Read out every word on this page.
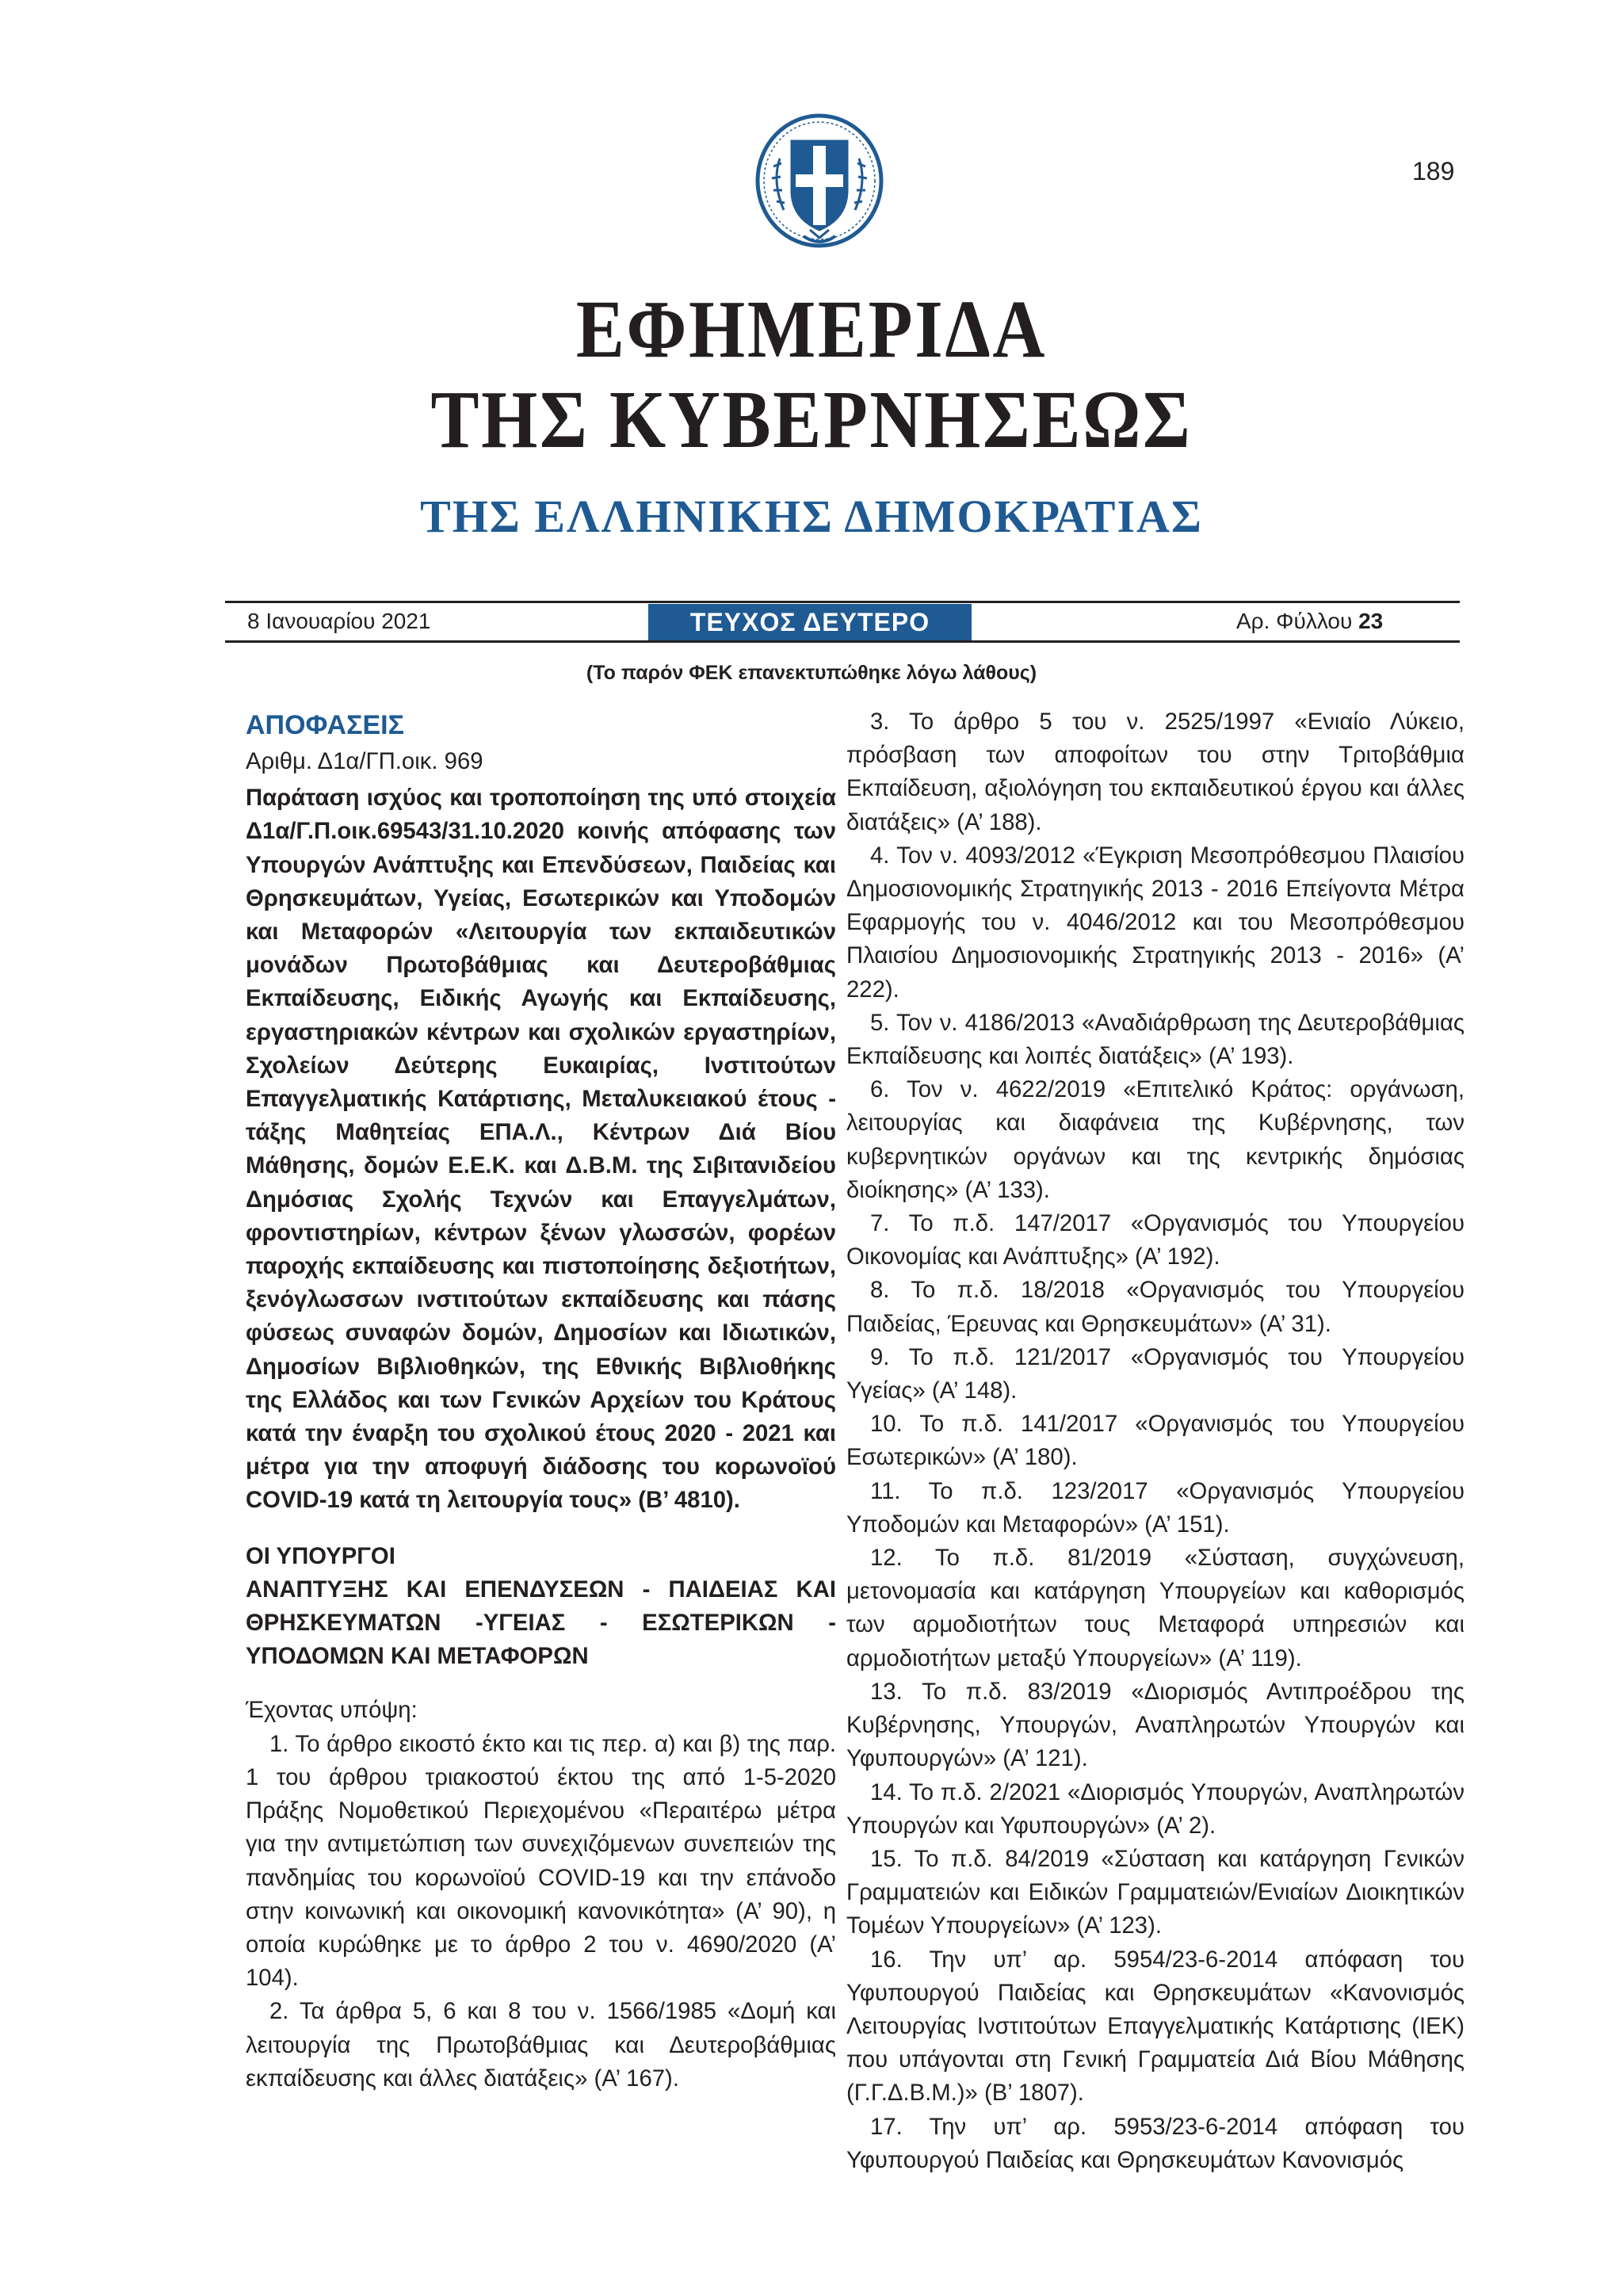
189
ΕΦΗΜΕΡΙΔΑ
ΤΗΣ ΚΥΒΕΡΝΗΣΕΩΣ
ΤΗΣ ΕΛΛΗΝΙΚΗΣ ΔΗΜΟΚΡΑΤΙΑΣ
8 Ιανουαρίου 2021	ΤΕΥΧΟΣ ΔΕΥΤΕΡΟ	Αρ. Φύλλου 23
(Το παρόν ΦΕΚ επανεκτυπώθηκε λόγω λάθους)

ΑΠΟΦΑΣΕΙΣ

Αριθμ. Δ1α/ΓΠ.οικ. 969

Παράταση ισχύος και τροποποίηση της υπό στοιχεία Δ1α/Γ.Π.οικ.69543/31.10.2020 κοινής απόφασης των Υπουργών Ανάπτυξης και Επενδύσεων, Παιδείας και Θρησκευμάτων, Υγείας, Εσωτερικών και Υποδομών και Μεταφορών «Λειτουργία των εκπαιδευτικών μονάδων Πρωτοβάθμιας και Δευτεροβάθμιας Εκπαίδευσης, Ειδικής Αγωγής και Εκπαίδευσης, εργαστηριακών κέντρων και σχολικών εργαστηρίων, Σχολείων Δεύτερης Ευκαιρίας, Ινστιτούτων Επαγγελματικής Κατάρτισης, Μεταλυκειακού έτους - τάξης Μαθητείας ΕΠΑ.Λ., Κέντρων Διά Βίου Μάθησης, δομών Ε.Ε.Κ. και Δ.Β.Μ. της Σιβιτανιδείου Δημόσιας Σχολής Τεχνών και Επαγγελμάτων, φροντιστηρίων, κέντρων ξένων γλωσσών, φορέων παροχής εκπαίδευσης και πιστοποίησης δεξιοτήτων, ξενόγλωσσων ινστιτούτων εκπαίδευσης και πάσης φύσεως συναφών δομών, Δημοσίων και Ιδιωτικών, Δημοσίων Βιβλιοθηκών, της Εθνικής Βιβλιοθήκης της Ελλάδος και των Γενικών Αρχείων του Κράτους κατά την έναρξη του σχολικού έτους 2020 - 2021 και μέτρα για την αποφυγή διάδοσης του κορωνοϊού COVID-19 κατά τη λειτουργία τους» (Β’ 4810).

ΟΙ ΥΠΟΥΡΓΟΙ

ΑΝΑΠΤΥΞΗΣ ΚΑΙ ΕΠΕΝΔΥΣΕΩΝ - ΠΑΙΔΕΙΑΣ ΚΑΙ ΘΡΗΣΚΕΥΜΑΤΩΝ -ΥΓΕΙΑΣ - ΕΣΩΤΕΡΙΚΩΝ - ΥΠΟΔΟΜΩΝ ΚΑΙ ΜΕΤΑΦΟΡΩΝ

Έχοντας υπόψη:

1. Το άρθρο εικοστό έκτο και τις περ. α) και β) της παρ. 1 του άρθρου τριακοστού έκτου της από 1-5-2020 Πράξης Νομοθετικού Περιεχομένου «Περαιτέρω μέτρα για την αντιμετώπιση των συνεχιζόμενων συνεπειών της πανδημίας του κορωνοϊού COVID-19 και την επάνοδο στην κοινωνική και οικονομική κανονικότητα» (Α’ 90), η οποία κυρώθηκε με το άρθρο 2 του ν. 4690/2020 (Α’ 104).

2. Τα άρθρα 5, 6 και 8 του ν. 1566/1985 «Δομή και λειτουργία της Πρωτοβάθμιας και Δευτεροβάθμιας εκπαίδευσης και άλλες διατάξεις» (Α’ 167).

3. Το άρθρο 5 του ν. 2525/1997 «Ενιαίο Λύκειο, πρόσβαση των αποφοίτων του στην Τριτοβάθμια Εκπαίδευση, αξιολόγηση του εκπαιδευτικού έργου και άλλες διατάξεις» (Α’ 188).

4. Τον ν. 4093/2012 «Έγκριση Μεσοπρόθεσμου Πλαισίου Δημοσιονομικής Στρατηγικής 2013 - 2016 Επείγοντα Μέτρα Εφαρμογής του ν. 4046/2012 και του Μεσοπρόθεσμου Πλαισίου Δημοσιονομικής Στρατηγικής 2013 - 2016» (Α’ 222).

5. Τον ν. 4186/2013 «Αναδιάρθρωση της Δευτεροβάθμιας Εκπαίδευσης και λοιπές διατάξεις» (Α’ 193).

6. Τον ν. 4622/2019 «Επιτελικό Κράτος: οργάνωση, λειτουργίας και διαφάνεια της Κυβέρνησης, των κυβερνητικών οργάνων και της κεντρικής δημόσιας διοίκησης» (Α’ 133).

7. Το π.δ. 147/2017 «Οργανισμός του Υπουργείου Οικονομίας και Ανάπτυξης» (Α’ 192).

8. Το π.δ. 18/2018 «Οργανισμός του Υπουργείου Παιδείας, Έρευνας και Θρησκευμάτων» (Α’ 31).

9. Το π.δ. 121/2017 «Οργανισμός του Υπουργείου Υγείας» (Α’ 148).

10. Το π.δ. 141/2017 «Οργανισμός του Υπουργείου Εσωτερικών» (Α’ 180).

11. Το π.δ. 123/2017 «Οργανισμός Υπουργείου Υποδομών και Μεταφορών» (Α’ 151).

12. Το π.δ. 81/2019 «Σύσταση, συγχώνευση, μετονομασία και κατάργηση Υπουργείων και καθορισμός των αρμοδιοτήτων τους Μεταφορά υπηρεσιών και αρμοδιοτήτων μεταξύ Υπουργείων» (Α’ 119).

13. Το π.δ. 83/2019 «Διορισμός Αντιπροέδρου της Κυβέρνησης, Υπουργών, Αναπληρωτών Υπουργών και Υφυπουργών» (Α’ 121).

14. Το π.δ. 2/2021 «Διορισμός Υπουργών, Αναπληρωτών Υπουργών και Υφυπουργών» (Α’ 2).

15. Το π.δ. 84/2019 «Σύσταση και κατάργηση Γενικών Γραμματειών και Ειδικών Γραμματειών/Ενιαίων Διοικητικών Τομέων Υπουργείων» (Α’ 123).

16. Την υπ’ αρ. 5954/23-6-2014 απόφαση του Υφυπουργού Παιδείας και Θρησκευμάτων «Κανονισμός Λειτουργίας Ινστιτούτων Επαγγελματικής Κατάρτισης (ΙΕΚ) που υπάγονται στη Γενική Γραμματεία Διά Βίου Μάθησης (Γ.Γ.Δ.Β.Μ.)» (Β’ 1807).

17. Την υπ’ αρ. 5953/23-6-2014 απόφαση του Υφυπουργού Παιδείας και Θρησκευμάτων Κανονισμός
